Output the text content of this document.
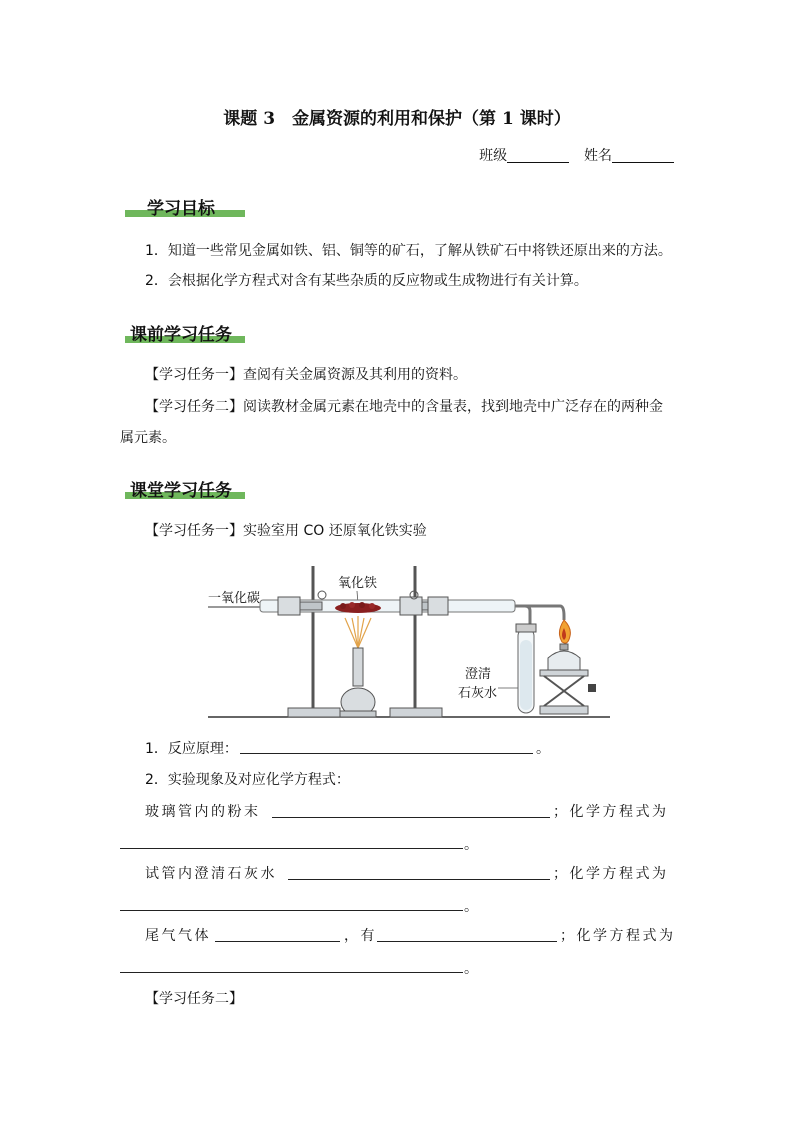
课题 3　金属资源的利用和保护（第 1 课时）
班级	姓名
学习目标
1．知道一些常见金属如铁、铝、铜等的矿石，了解从铁矿石中将铁还原出来的方法。
2．会根据化学方程式对含有某些杂质的反应物或生成物进行有关计算。
课前学习任务
【学习任务一】查阅有关金属资源及其利用的资料。
【学习任务二】阅读教材金属元素在地壳中的含量表，找到地壳中广泛存在的两种金
属元素。
课堂学习任务
【学习任务一】实验室用 CO 还原氧化铁实验
一氧化碳
氧化铁
澄清
石灰水
1．反应原理：	。
2．实验现象及对应化学方程式：
玻璃管内的粉末	；化学方程式为
。
试管内澄清石灰水	；化学方程式为
。
尾气气体	，有	；化学方程式为
。
【学习任务二】
